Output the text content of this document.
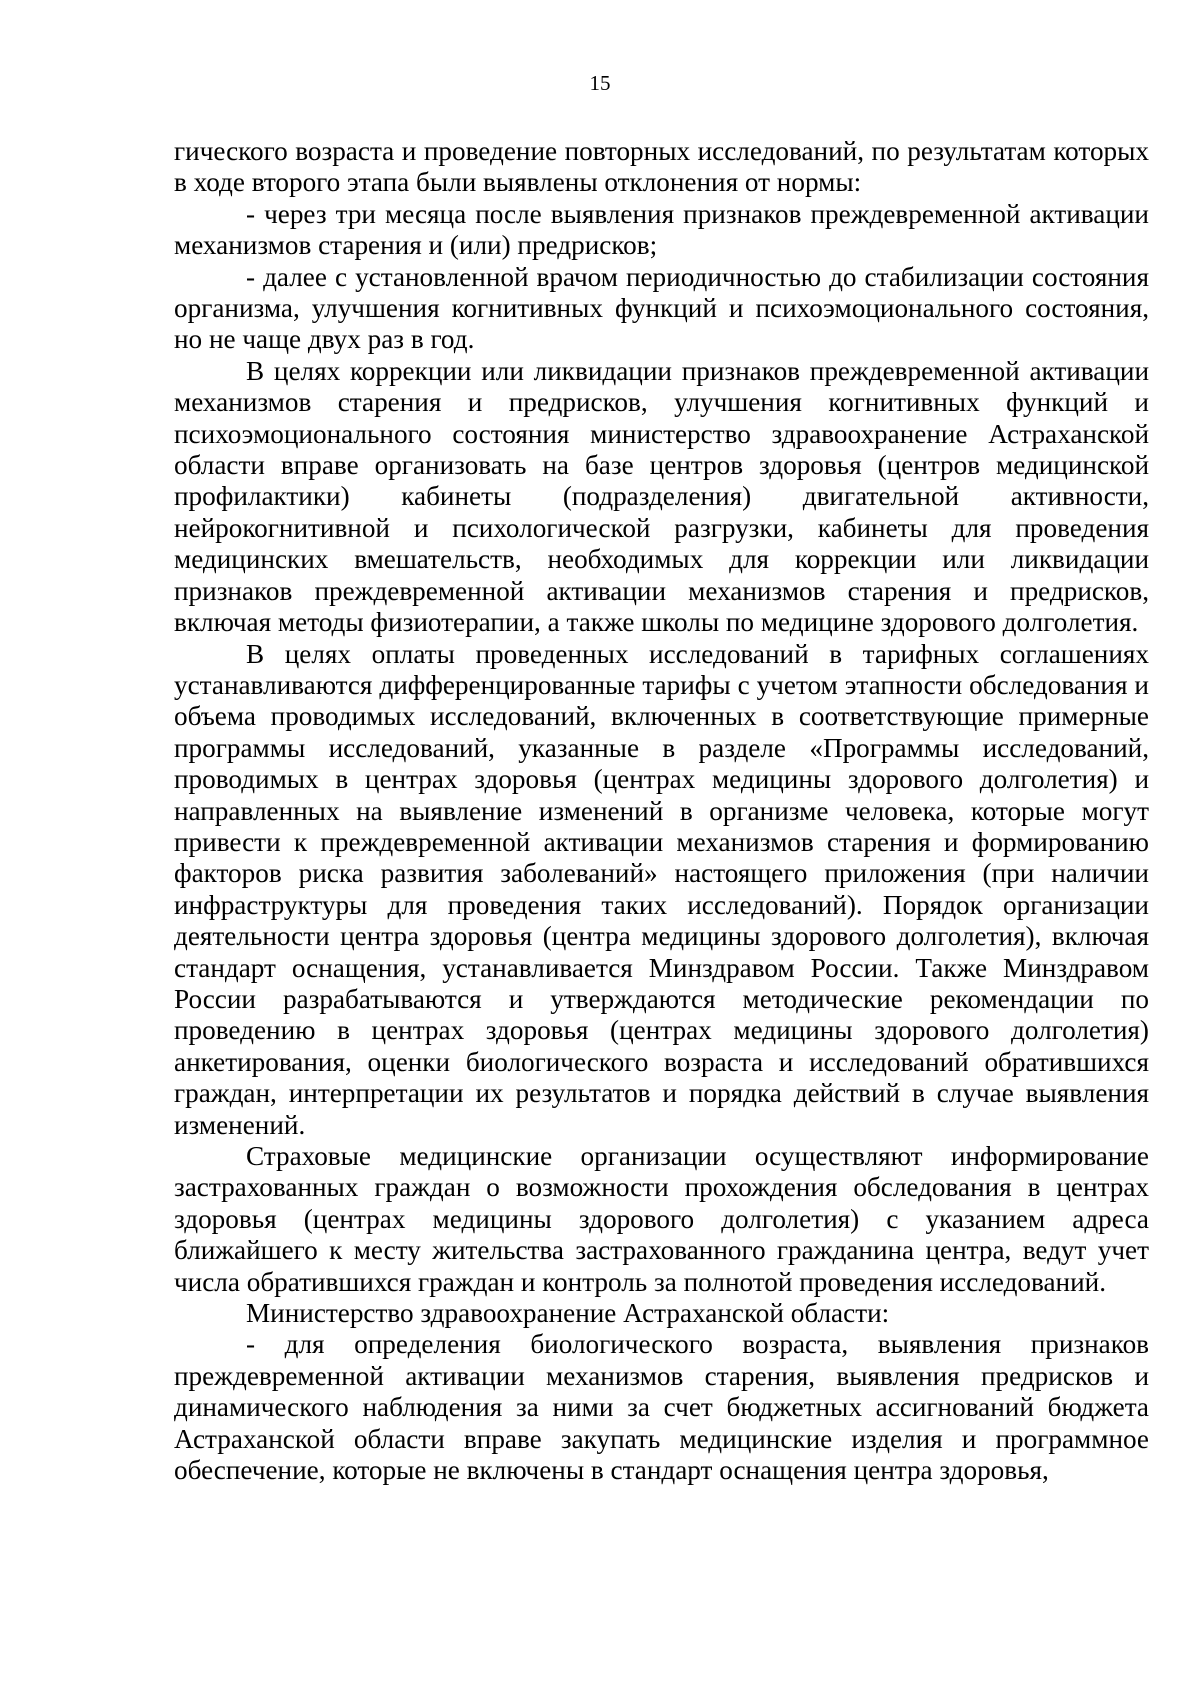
15

гического возраста и проведение повторных исследований, по результатам которых в ходе второго этапа были выявлены отклонения от нормы:

- через три месяца после выявления признаков преждевременной активации механизмов старения и (или) предрисков;

- далее с установленной врачом периодичностью до стабилизации состояния организма, улучшения когнитивных функций и психоэмоционального состояния, но не чаще двух раз в год.

В целях коррекции или ликвидации признаков преждевременной активации механизмов старения и предрисков, улучшения когнитивных функций и психоэмоционального состояния министерство здравоохранение Астраханской области вправе организовать на базе центров здоровья (центров медицинской профилактики) кабинеты (подразделения) двигательной активности, нейрокогнитивной и психологической разгрузки, кабинеты для проведения медицинских вмешательств, необходимых для коррекции или ликвидации признаков преждевременной активации механизмов старения и предрисков, включая методы физиотерапии, а также школы по медицине здорового долголетия.

В целях оплаты проведенных исследований в тарифных соглашениях устанавливаются дифференцированные тарифы с учетом этапности обследования и объема проводимых исследований, включенных в соответствующие примерные программы исследований, указанные в разделе «Программы исследований, проводимых в центрах здоровья (центрах медицины здорового долголетия) и направленных на выявление изменений в организме человека, которые могут привести к преждевременной активации механизмов старения и формированию факторов риска развития заболеваний» настоящего приложения (при наличии инфраструктуры для проведения таких исследований). Порядок организации деятельности центра здоровья (центра медицины здорового долголетия), включая стандарт оснащения, устанавливается Минздравом России. Также Минздравом России разрабатываются и утверждаются методические рекомендации по проведению в центрах здоровья (центрах медицины здорового долголетия) анкетирования, оценки биологического возраста и исследований обратившихся граждан, интерпретации их результатов и порядка действий в случае выявления изменений.

Страховые медицинские организации осуществляют информирование застрахованных граждан о возможности прохождения обследования в центрах здоровья (центрах медицины здорового долголетия) с указанием адреса ближайшего к месту жительства застрахованного гражданина центра, ведут учет числа обратившихся граждан и контроль за полнотой проведения исследований.

Министерство здравоохранение Астраханской области:

- для определения биологического возраста, выявления признаков преждевременной активации механизмов старения, выявления предрисков и динамического наблюдения за ними за счет бюджетных ассигнований бюджета Астраханской области вправе закупать медицинские изделия и программное обеспечение, которые не включены в стандарт оснащения центра здоровья,
